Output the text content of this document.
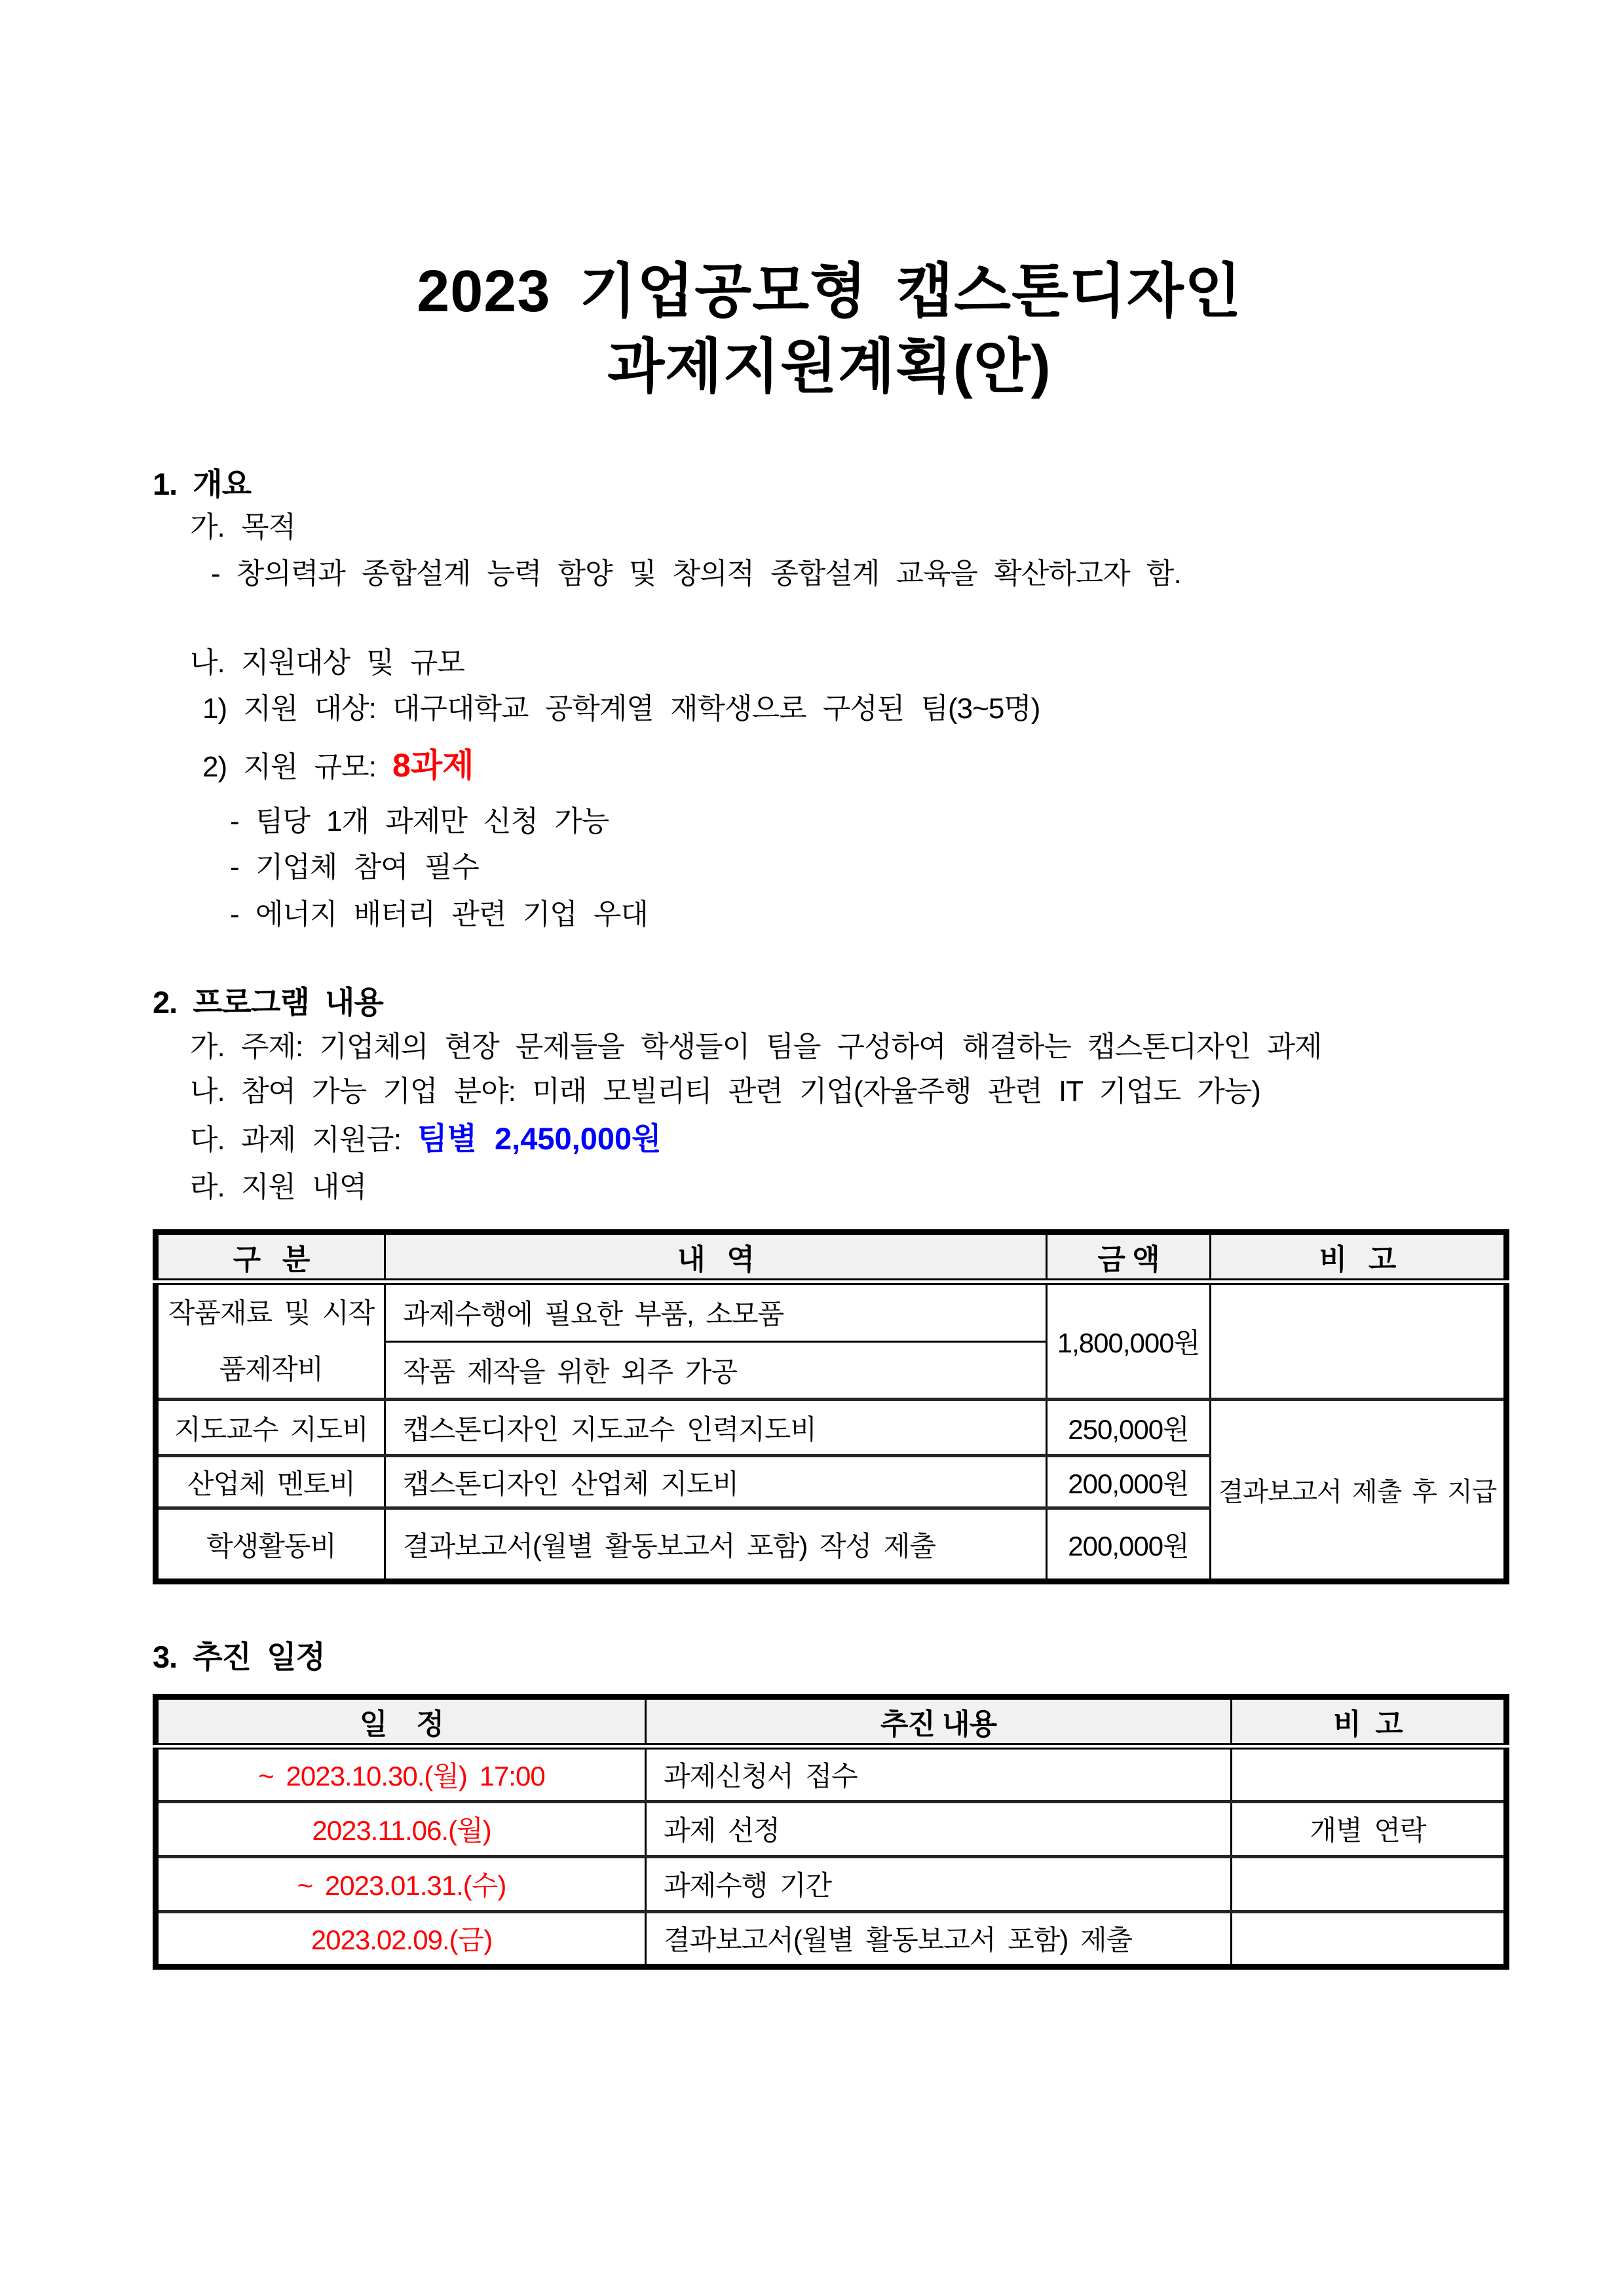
2023 기업공모형 캡스톤디자인
과제지원계획(안)
1. 개요
가. 목적
- 창의력과 종합설계 능력 함양 및 창의적 종합설계 교육을 확산하고자 함.
나. 지원대상 및 규모
1) 지원 대상: 대구대학교 공학계열 재학생으로 구성된 팀(3~5명)
2) 지원 규모: 8과제
- 팀당 1개 과제만 신청 가능
- 기업체 참여 필수
- 에너지 배터리 관련 기업 우대
2. 프로그램 내용
가. 주제: 기업체의 현장 문제들을 학생들이 팀을 구성하여 해결하는 캡스톤디자인 과제
나. 참여 가능 기업 분야: 미래 모빌리티 관련 기업(자율주행 관련 IT 기업도 가능)
다. 과제 지원금: 팀별 2,450,000원
라. 지원 내역
구   분	내   역	금 액	비   고
작품재료 및 시작품제작비	과제수행에 필요한 부품, 소모품	1,800,000원	
	작품 제작을 위한 외주 가공		
지도교수 지도비	캡스톤디자인 지도교수 인력지도비	250,000원	결과보고서 제출 후 지급
산업체 멘토비	캡스톤디자인 산업체 지도비	200,000원	
학생활동비	결과보고서(월별 활동보고서 포함) 작성 제출	200,000원	
3. 추진 일정
일    정	추진 내용	비  고
~ 2023.10.30.(월) 17:00	과제신청서 접수	
2023.11.06.(월)	과제 선정	개별 연락
~ 2023.01.31.(수)	과제수행 기간	
2023.02.09.(금)	결과보고서(월별 활동보고서 포함) 제출	
